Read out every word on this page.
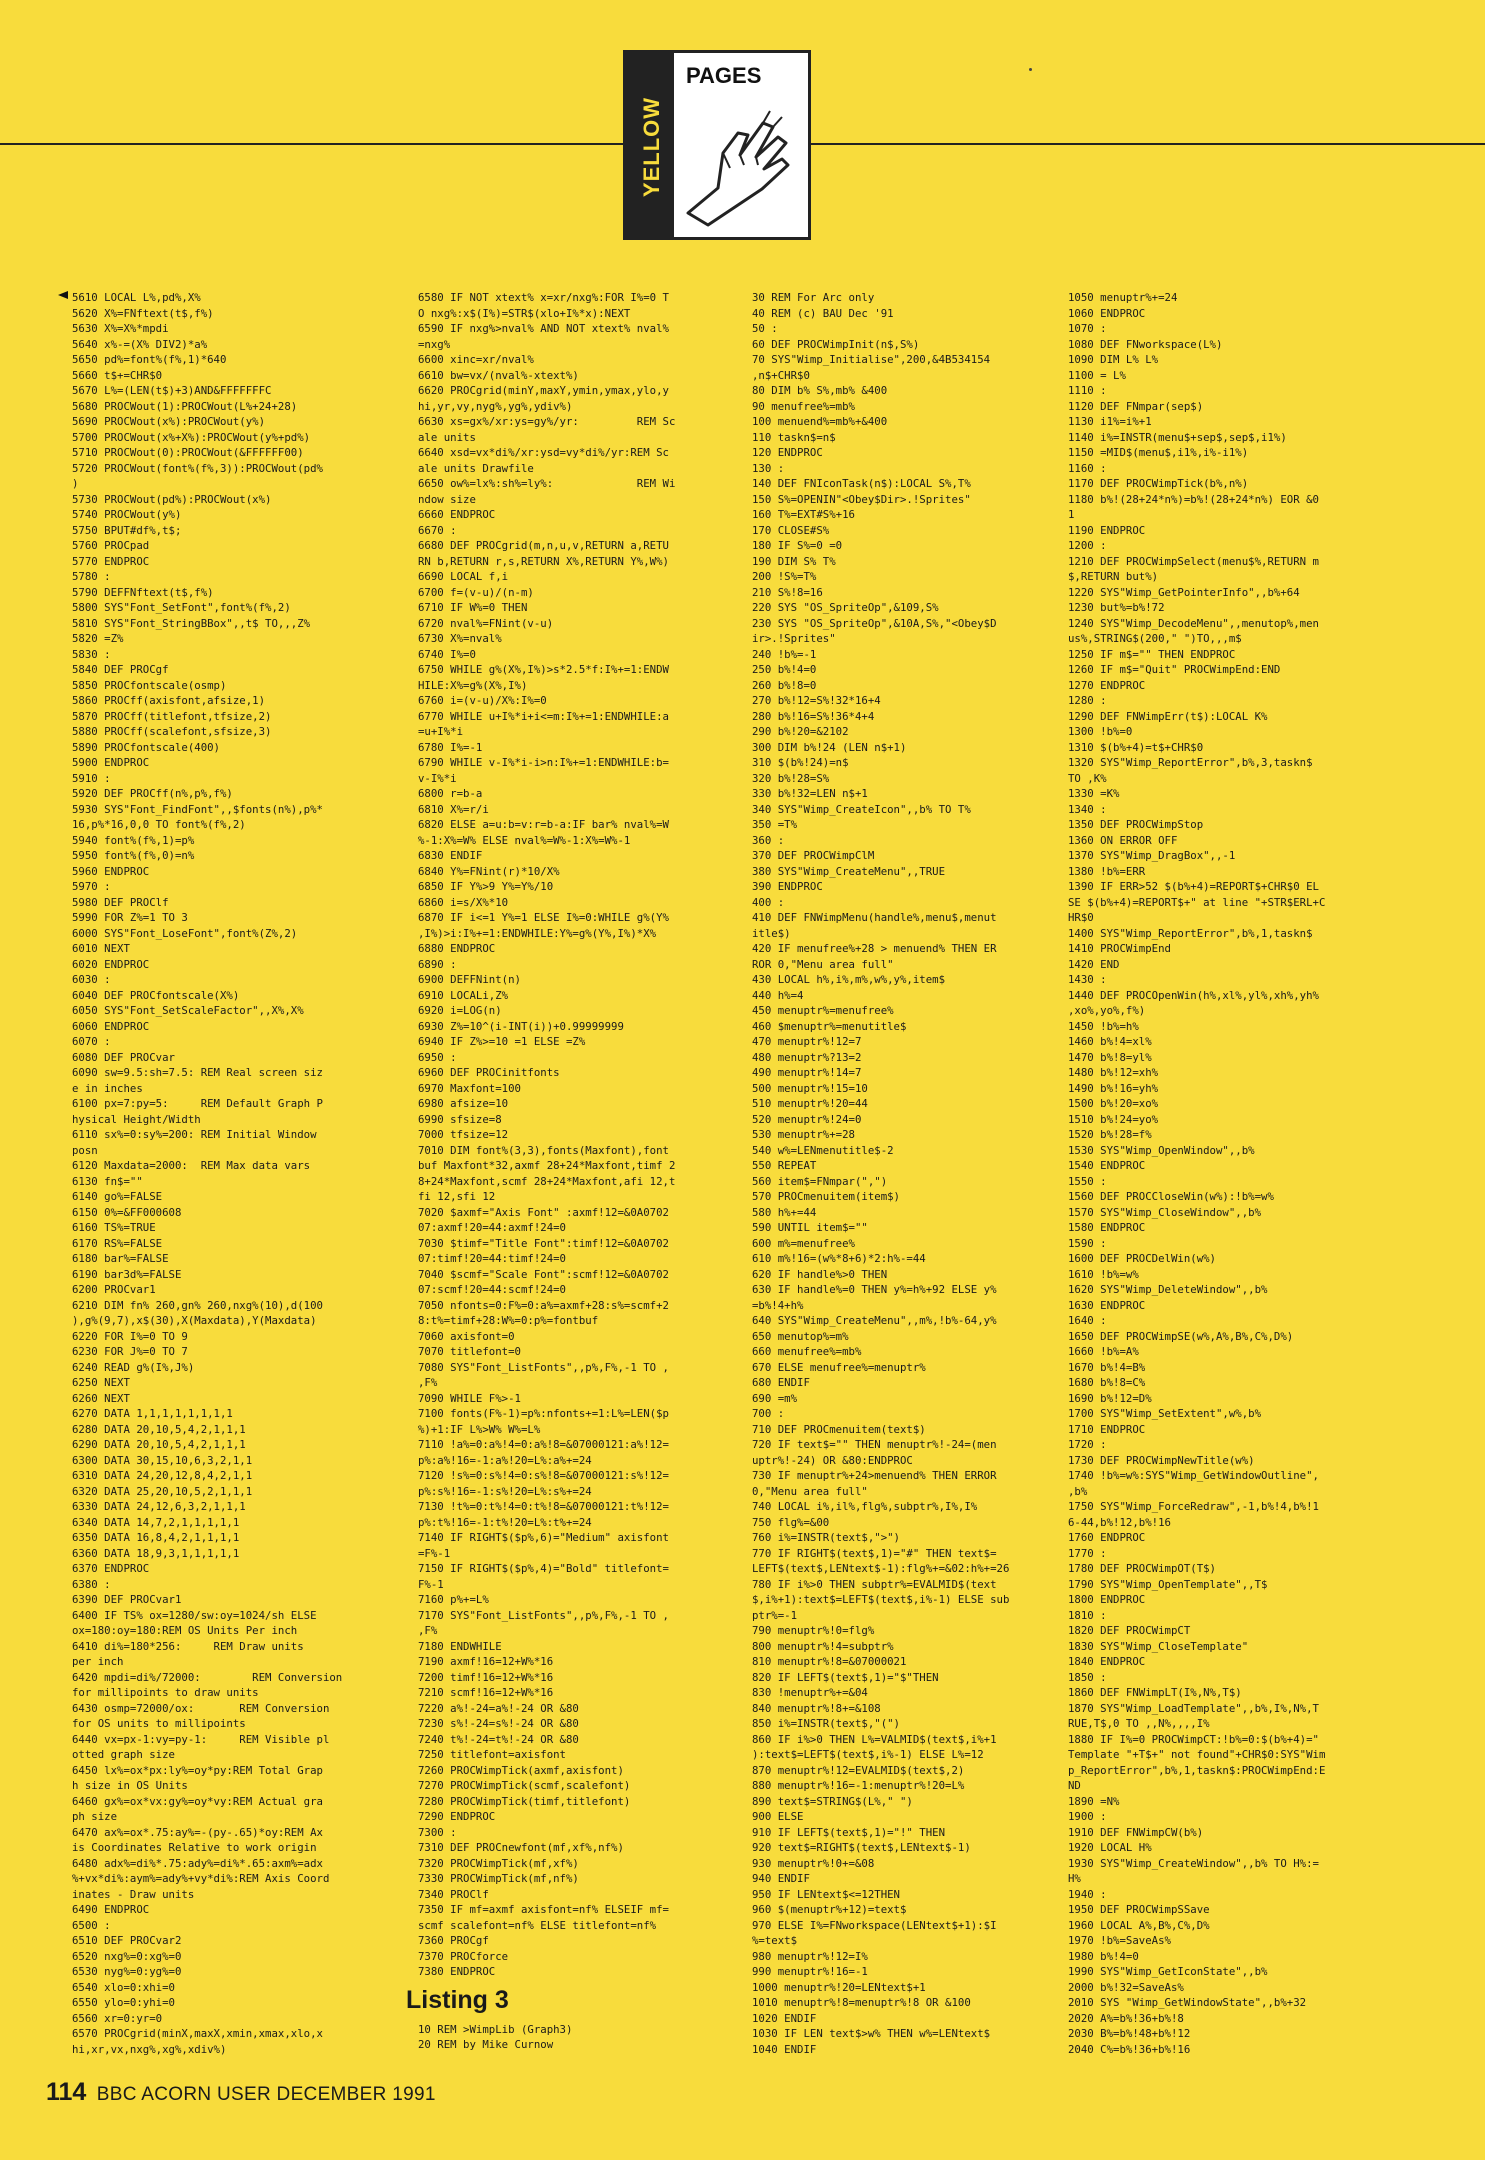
YELLOW
PAGES
5610 LOCAL L%,pd%,X%
5620 X%=FNftext(t$,f%)
5630 X%=X%*mpdi
5640 x%-=(X% DIV2)*a%
5650 pd%=font%(f%,1)*640
5660 t$+=CHR$0
5670 L%=(LEN(t$)+3)AND&FFFFFFFC
5680 PROCWout(1):PROCWout(L%+24+28)
5690 PROCWout(x%):PROCWout(y%)
5700 PROCWout(x%+X%):PROCWout(y%+pd%)
5710 PROCWout(0):PROCWout(&FFFFFF00)
5720 PROCWout(font%(f%,3)):PROCWout(pd%
)
5730 PROCWout(pd%):PROCWout(x%)
5740 PROCWout(y%)
5750 BPUT#df%,t$;
5760 PROCpad
5770 ENDPROC
5780 :
5790 DEFFNftext(t$,f%)
5800 SYS"Font_SetFont",font%(f%,2)
5810 SYS"Font_StringBBox",,t$ TO,,,Z%
5820 =Z%
5830 :
5840 DEF PROCgf
5850 PROCfontscale(osmp)
5860 PROCff(axisfont,afsize,1)
5870 PROCff(titlefont,tfsize,2)
5880 PROCff(scalefont,sfsize,3)
5890 PROCfontscale(400)
5900 ENDPROC
5910 :
5920 DEF PROCff(n%,p%,f%)
5930 SYS"Font_FindFont",,$fonts(n%),p%*
16,p%*16,0,0 TO font%(f%,2)
5940 font%(f%,1)=p%
5950 font%(f%,0)=n%
5960 ENDPROC
5970 :
5980 DEF PROClf
5990 FOR Z%=1 TO 3
6000 SYS"Font_LoseFont",font%(Z%,2)
6010 NEXT
6020 ENDPROC
6030 :
6040 DEF PROCfontscale(X%)
6050 SYS"Font_SetScaleFactor",,X%,X%
6060 ENDPROC
6070 :
6080 DEF PROCvar
6090 sw=9.5:sh=7.5: REM Real screen siz
e in inches
6100 px=7:py=5:     REM Default Graph P
hysical Height/Width
6110 sx%=0:sy%=200: REM Initial Window
posn
6120 Maxdata=2000:  REM Max data vars
6130 fn$=""
6140 go%=FALSE
6150 0%=&FF000608
6160 TS%=TRUE
6170 RS%=FALSE
6180 bar%=FALSE
6190 bar3d%=FALSE
6200 PROCvar1
6210 DIM fn% 260,gn% 260,nxg%(10),d(100
),g%(9,7),x$(30),X(Maxdata),Y(Maxdata)
6220 FOR I%=0 TO 9
6230 FOR J%=0 TO 7
6240 READ g%(I%,J%)
6250 NEXT
6260 NEXT
6270 DATA 1,1,1,1,1,1,1,1
6280 DATA 20,10,5,4,2,1,1,1
6290 DATA 20,10,5,4,2,1,1,1
6300 DATA 30,15,10,6,3,2,1,1
6310 DATA 24,20,12,8,4,2,1,1
6320 DATA 25,20,10,5,2,1,1,1
6330 DATA 24,12,6,3,2,1,1,1
6340 DATA 14,7,2,1,1,1,1,1
6350 DATA 16,8,4,2,1,1,1,1
6360 DATA 18,9,3,1,1,1,1,1
6370 ENDPROC
6380 :
6390 DEF PROCvar1
6400 IF TS% ox=1280/sw:oy=1024/sh ELSE
ox=180:oy=180:REM OS Units Per inch
6410 di%=180*256:     REM Draw units
per inch
6420 mpdi=di%/72000:        REM Conversion
for millipoints to draw units
6430 osmp=72000/ox:       REM Conversion
for OS units to millipoints
6440 vx=px-1:vy=py-1:     REM Visible pl
otted graph size
6450 lx%=ox*px:ly%=oy*py:REM Total Grap
h size in OS Units
6460 gx%=ox*vx:gy%=oy*vy:REM Actual gra
ph size
6470 ax%=ox*.75:ay%=-(py-.65)*oy:REM Ax
is Coordinates Relative to work origin
6480 adx%=di%*.75:ady%=di%*.65:axm%=adx
%+vx*di%:aym%=ady%+vy*di%:REM Axis Coord
inates - Draw units
6490 ENDPROC
6500 :
6510 DEF PROCvar2
6520 nxg%=0:xg%=0
6530 nyg%=0:yg%=0
6540 xlo=0:xhi=0
6550 ylo=0:yhi=0
6560 xr=0:yr=0
6570 PROCgrid(minX,maxX,xmin,xmax,xlo,x
hi,xr,vx,nxg%,xg%,xdiv%)
6580 IF NOT xtext% x=xr/nxg%:FOR I%=0 T
O nxg%:x$(I%)=STR$(xlo+I%*x):NEXT
6590 IF nxg%>nval% AND NOT xtext% nval%
=nxg%
6600 xinc=xr/nval%
6610 bw=vx/(nval%-xtext%)
6620 PROCgrid(minY,maxY,ymin,ymax,ylo,y
hi,yr,vy,nyg%,yg%,ydiv%)
6630 xs=gx%/xr:ys=gy%/yr:         REM Sc
ale units
6640 xsd=vx*di%/xr:ysd=vy*di%/yr:REM Sc
ale units Drawfile
6650 ow%=lx%:sh%=ly%:             REM Wi
ndow size
6660 ENDPROC
6670 :
6680 DEF PROCgrid(m,n,u,v,RETURN a,RETU
RN b,RETURN r,s,RETURN X%,RETURN Y%,W%)
6690 LOCAL f,i
6700 f=(v-u)/(n-m)
6710 IF W%=0 THEN
6720 nval%=FNint(v-u)
6730 X%=nval%
6740 I%=0
6750 WHILE g%(X%,I%)>s*2.5*f:I%+=1:ENDW
HILE:X%=g%(X%,I%)
6760 i=(v-u)/X%:I%=0
6770 WHILE u+I%*i+i<=m:I%+=1:ENDWHILE:a
=u+I%*i
6780 I%=-1
6790 WHILE v-I%*i-i>n:I%+=1:ENDWHILE:b=
v-I%*i
6800 r=b-a
6810 X%=r/i
6820 ELSE a=u:b=v:r=b-a:IF bar% nval%=W
%-1:X%=W% ELSE nval%=W%-1:X%=W%-1
6830 ENDIF
6840 Y%=FNint(r)*10/X%
6850 IF Y%>9 Y%=Y%/10
6860 i=s/X%*10
6870 IF i<=1 Y%=1 ELSE I%=0:WHILE g%(Y%
,I%)>i:I%+=1:ENDWHILE:Y%=g%(Y%,I%)*X%
6880 ENDPROC
6890 :
6900 DEFFNint(n)
6910 LOCALi,Z%
6920 i=LOG(n)
6930 Z%=10^(i-INT(i))+0.99999999
6940 IF Z%>=10 =1 ELSE =Z%
6950 :
6960 DEF PROCinitfonts
6970 Maxfont=100
6980 afsize=10
6990 sfsize=8
7000 tfsize=12
7010 DIM font%(3,3),fonts(Maxfont),font
buf Maxfont*32,axmf 28+24*Maxfont,timf 2
8+24*Maxfont,scmf 28+24*Maxfont,afi 12,t
fi 12,sfi 12
7020 $axmf="Axis Font" :axmf!12=&0A0702
07:axmf!20=44:axmf!24=0
7030 $timf="Title Font":timf!12=&0A0702
07:timf!20=44:timf!24=0
7040 $scmf="Scale Font":scmf!12=&0A0702
07:scmf!20=44:scmf!24=0
7050 nfonts=0:F%=0:a%=axmf+28:s%=scmf+2
8:t%=timf+28:W%=0:p%=fontbuf
7060 axisfont=0
7070 titlefont=0
7080 SYS"Font_ListFonts",,p%,F%,-1 TO ,
,F%
7090 WHILE F%>-1
7100 fonts(F%-1)=p%:nfonts+=1:L%=LEN($p
%)+1:IF L%>W% W%=L%
7110 !a%=0:a%!4=0:a%!8=&07000121:a%!12=
p%:a%!16=-1:a%!20=L%:a%+=24
7120 !s%=0:s%!4=0:s%!8=&07000121:s%!12=
p%:s%!16=-1:s%!20=L%:s%+=24
7130 !t%=0:t%!4=0:t%!8=&07000121:t%!12=
p%:t%!16=-1:t%!20=L%:t%+=24
7140 IF RIGHT$($p%,6)="Medium" axisfont
=F%-1
7150 IF RIGHT$($p%,4)="Bold" titlefont=
F%-1
7160 p%+=L%
7170 SYS"Font_ListFonts",,p%,F%,-1 TO ,
,F%
7180 ENDWHILE
7190 axmf!16=12+W%*16
7200 timf!16=12+W%*16
7210 scmf!16=12+W%*16
7220 a%!-24=a%!-24 OR &80
7230 s%!-24=s%!-24 OR &80
7240 t%!-24=t%!-24 OR &80
7250 titlefont=axisfont
7260 PROCWimpTick(axmf,axisfont)
7270 PROCWimpTick(scmf,scalefont)
7280 PROCWimpTick(timf,titlefont)
7290 ENDPROC
7300 :
7310 DEF PROCnewfont(mf,xf%,nf%)
7320 PROCWimpTick(mf,xf%)
7330 PROCWimpTick(mf,nf%)
7340 PROClf
7350 IF mf=axmf axisfont=nf% ELSEIF mf=
scmf scalefont=nf% ELSE titlefont=nf%
7360 PROCgf
7370 PROCforce
7380 ENDPROC
Listing 3
10 REM >WimpLib (Graph3)
20 REM by Mike Curnow
30 REM For Arc only
40 REM (c) BAU Dec '91
50 :
60 DEF PROCWimpInit(n$,S%)
70 SYS"Wimp_Initialise",200,&4B534154
,n$+CHR$0
80 DIM b% S%,mb% &400
90 menufree%=mb%
100 menuend%=mb%+&400
110 taskn$=n$
120 ENDPROC
130 :
140 DEF FNIconTask(n$):LOCAL S%,T%
150 S%=OPENIN"<Obey$Dir>.!Sprites"
160 T%=EXT#S%+16
170 CLOSE#S%
180 IF S%=0 =0
190 DIM S% T%
200 !S%=T%
210 S%!8=16
220 SYS "OS_SpriteOp",&109,S%
230 SYS "OS_SpriteOp",&10A,S%,"<Obey$D
ir>.!Sprites"
240 !b%=-1
250 b%!4=0
260 b%!8=0
270 b%!12=S%!32*16+4
280 b%!16=S%!36*4+4
290 b%!20=&2102
300 DIM b%!24 (LEN n$+1)
310 $(b%!24)=n$
320 b%!28=S%
330 b%!32=LEN n$+1
340 SYS"Wimp_CreateIcon",,b% TO T%
350 =T%
360 :
370 DEF PROCWimpClM
380 SYS"Wimp_CreateMenu",,TRUE
390 ENDPROC
400 :
410 DEF FNWimpMenu(handle%,menu$,menut
itle$)
420 IF menufree%+28 > menuend% THEN ER
ROR 0,"Menu area full"
430 LOCAL h%,i%,m%,w%,y%,item$
440 h%=4
450 menuptr%=menufree%
460 $menuptr%=menutitle$
470 menuptr%!12=7
480 menuptr%?13=2
490 menuptr%!14=7
500 menuptr%!15=10
510 menuptr%!20=44
520 menuptr%!24=0
530 menuptr%+=28
540 w%=LENmenutitle$-2
550 REPEAT
560 item$=FNmpar(",")
570 PROCmenuitem(item$)
580 h%+=44
590 UNTIL item$=""
600 m%=menufree%
610 m%!16=(w%*8+6)*2:h%-=44
620 IF handle%>0 THEN
630 IF handle%=0 THEN y%=h%+92 ELSE y%
=b%!4+h%
640 SYS"Wimp_CreateMenu",,m%,!b%-64,y%
650 menutop%=m%
660 menufree%=mb%
670 ELSE menufree%=menuptr%
680 ENDIF
690 =m%
700 :
710 DEF PROCmenuitem(text$)
720 IF text$="" THEN menuptr%!-24=(men
uptr%!-24) OR &80:ENDPROC
730 IF menuptr%+24>menuend% THEN ERROR
0,"Menu area full"
740 LOCAL i%,il%,flg%,subptr%,I%,I%
750 flg%=&00
760 i%=INSTR(text$,">")
770 IF RIGHT$(text$,1)="#" THEN text$=
LEFT$(text$,LENtext$-1):flg%+=&02:h%+=26
780 IF i%>0 THEN subptr%=EVALMID$(text
$,i%+1):text$=LEFT$(text$,i%-1) ELSE sub
ptr%=-1
790 menuptr%!0=flg%
800 menuptr%!4=subptr%
810 menuptr%!8=&07000021
820 IF LEFT$(text$,1)="$"THEN
830 !menuptr%+=&04
840 menuptr%!8+=&108
850 i%=INSTR(text$,"(")
860 IF i%>0 THEN L%=VALMID$(text$,i%+1
):text$=LEFT$(text$,i%-1) ELSE L%=12
870 menuptr%!12=EVALMID$(text$,2)
880 menuptr%!16=-1:menuptr%!20=L%
890 text$=STRING$(L%," ")
900 ELSE
910 IF LEFT$(text$,1)="!" THEN
920 text$=RIGHT$(text$,LENtext$-1)
930 menuptr%!0+=&08
940 ENDIF
950 IF LENtext$<=12THEN
960 $(menuptr%+12)=text$
970 ELSE I%=FNworkspace(LENtext$+1):$I
%=text$
980 menuptr%!12=I%
990 menuptr%!16=-1
1000 menuptr%!20=LENtext$+1
1010 menuptr%!8=menuptr%!8 OR &100
1020 ENDIF
1030 IF LEN text$>w% THEN w%=LENtext$
1040 ENDIF
1050 menuptr%+=24
1060 ENDPROC
1070 :
1080 DEF FNworkspace(L%)
1090 DIM L% L%
1100 = L%
1110 :
1120 DEF FNmpar(sep$)
1130 i1%=i%+1
1140 i%=INSTR(menu$+sep$,sep$,i1%)
1150 =MID$(menu$,i1%,i%-i1%)
1160 :
1170 DEF PROCWimpTick(b%,n%)
1180 b%!(28+24*n%)=b%!(28+24*n%) EOR &0
1
1190 ENDPROC
1200 :
1210 DEF PROCWimpSelect(menu$%,RETURN m
$,RETURN but%)
1220 SYS"Wimp_GetPointerInfo",,b%+64
1230 but%=b%!72
1240 SYS"Wimp_DecodeMenu",,menutop%,men
us%,STRING$(200," ")TO,,,m$
1250 IF m$="" THEN ENDPROC
1260 IF m$="Quit" PROCWimpEnd:END
1270 ENDPROC
1280 :
1290 DEF FNWimpErr(t$):LOCAL K%
1300 !b%=0
1310 $(b%+4)=t$+CHR$0
1320 SYS"Wimp_ReportError",b%,3,taskn$
TO ,K%
1330 =K%
1340 :
1350 DEF PROCWimpStop
1360 ON ERROR OFF
1370 SYS"Wimp_DragBox",,-1
1380 !b%=ERR
1390 IF ERR>52 $(b%+4)=REPORT$+CHR$0 EL
SE $(b%+4)=REPORT$+" at line "+STR$ERL+C
HR$0
1400 SYS"Wimp_ReportError",b%,1,taskn$
1410 PROCWimpEnd
1420 END
1430 :
1440 DEF PROCOpenWin(h%,xl%,yl%,xh%,yh%
,xo%,yo%,f%)
1450 !b%=h%
1460 b%!4=xl%
1470 b%!8=yl%
1480 b%!12=xh%
1490 b%!16=yh%
1500 b%!20=xo%
1510 b%!24=yo%
1520 b%!28=f%
1530 SYS"Wimp_OpenWindow",,b%
1540 ENDPROC
1550 :
1560 DEF PROCCloseWin(w%):!b%=w%
1570 SYS"Wimp_CloseWindow",,b%
1580 ENDPROC
1590 :
1600 DEF PROCDelWin(w%)
1610 !b%=w%
1620 SYS"Wimp_DeleteWindow",,b%
1630 ENDPROC
1640 :
1650 DEF PROCWimpSE(w%,A%,B%,C%,D%)
1660 !b%=A%
1670 b%!4=B%
1680 b%!8=C%
1690 b%!12=D%
1700 SYS"Wimp_SetExtent",w%,b%
1710 ENDPROC
1720 :
1730 DEF PROCWimpNewTitle(w%)
1740 !b%=w%:SYS"Wimp_GetWindowOutline",
,b%
1750 SYS"Wimp_ForceRedraw",-1,b%!4,b%!1
6-44,b%!12,b%!16
1760 ENDPROC
1770 :
1780 DEF PROCWimpOT(T$)
1790 SYS"Wimp_OpenTemplate",,T$
1800 ENDPROC
1810 :
1820 DEF PROCWimpCT
1830 SYS"Wimp_CloseTemplate"
1840 ENDPROC
1850 :
1860 DEF FNWimpLT(I%,N%,T$)
1870 SYS"Wimp_LoadTemplate",,b%,I%,N%,T
RUE,T$,0 TO ,,N%,,,,I%
1880 IF I%=0 PROCWimpCT:!b%=0:$(b%+4)="
Template "+T$+" not found"+CHR$0:SYS"Wim
p_ReportError",b%,1,taskn$:PROCWimpEnd:E
ND
1890 =N%
1900 :
1910 DEF FNWimpCW(b%)
1920 LOCAL H%
1930 SYS"Wimp_CreateWindow",,b% TO H%:=
H%
1940 :
1950 DEF PROCWimpSSave
1960 LOCAL A%,B%,C%,D%
1970 !b%=SaveAs%
1980 b%!4=0
1990 SYS"Wimp_GetIconState",,b%
2000 b%!32=SaveAs%
2010 SYS "Wimp_GetWindowState",,b%+32
2020 A%=b%!36+b%!8
2030 B%=b%!48+b%!12
2040 C%=b%!36+b%!16
114 BBC ACORN USER DECEMBER 1991
